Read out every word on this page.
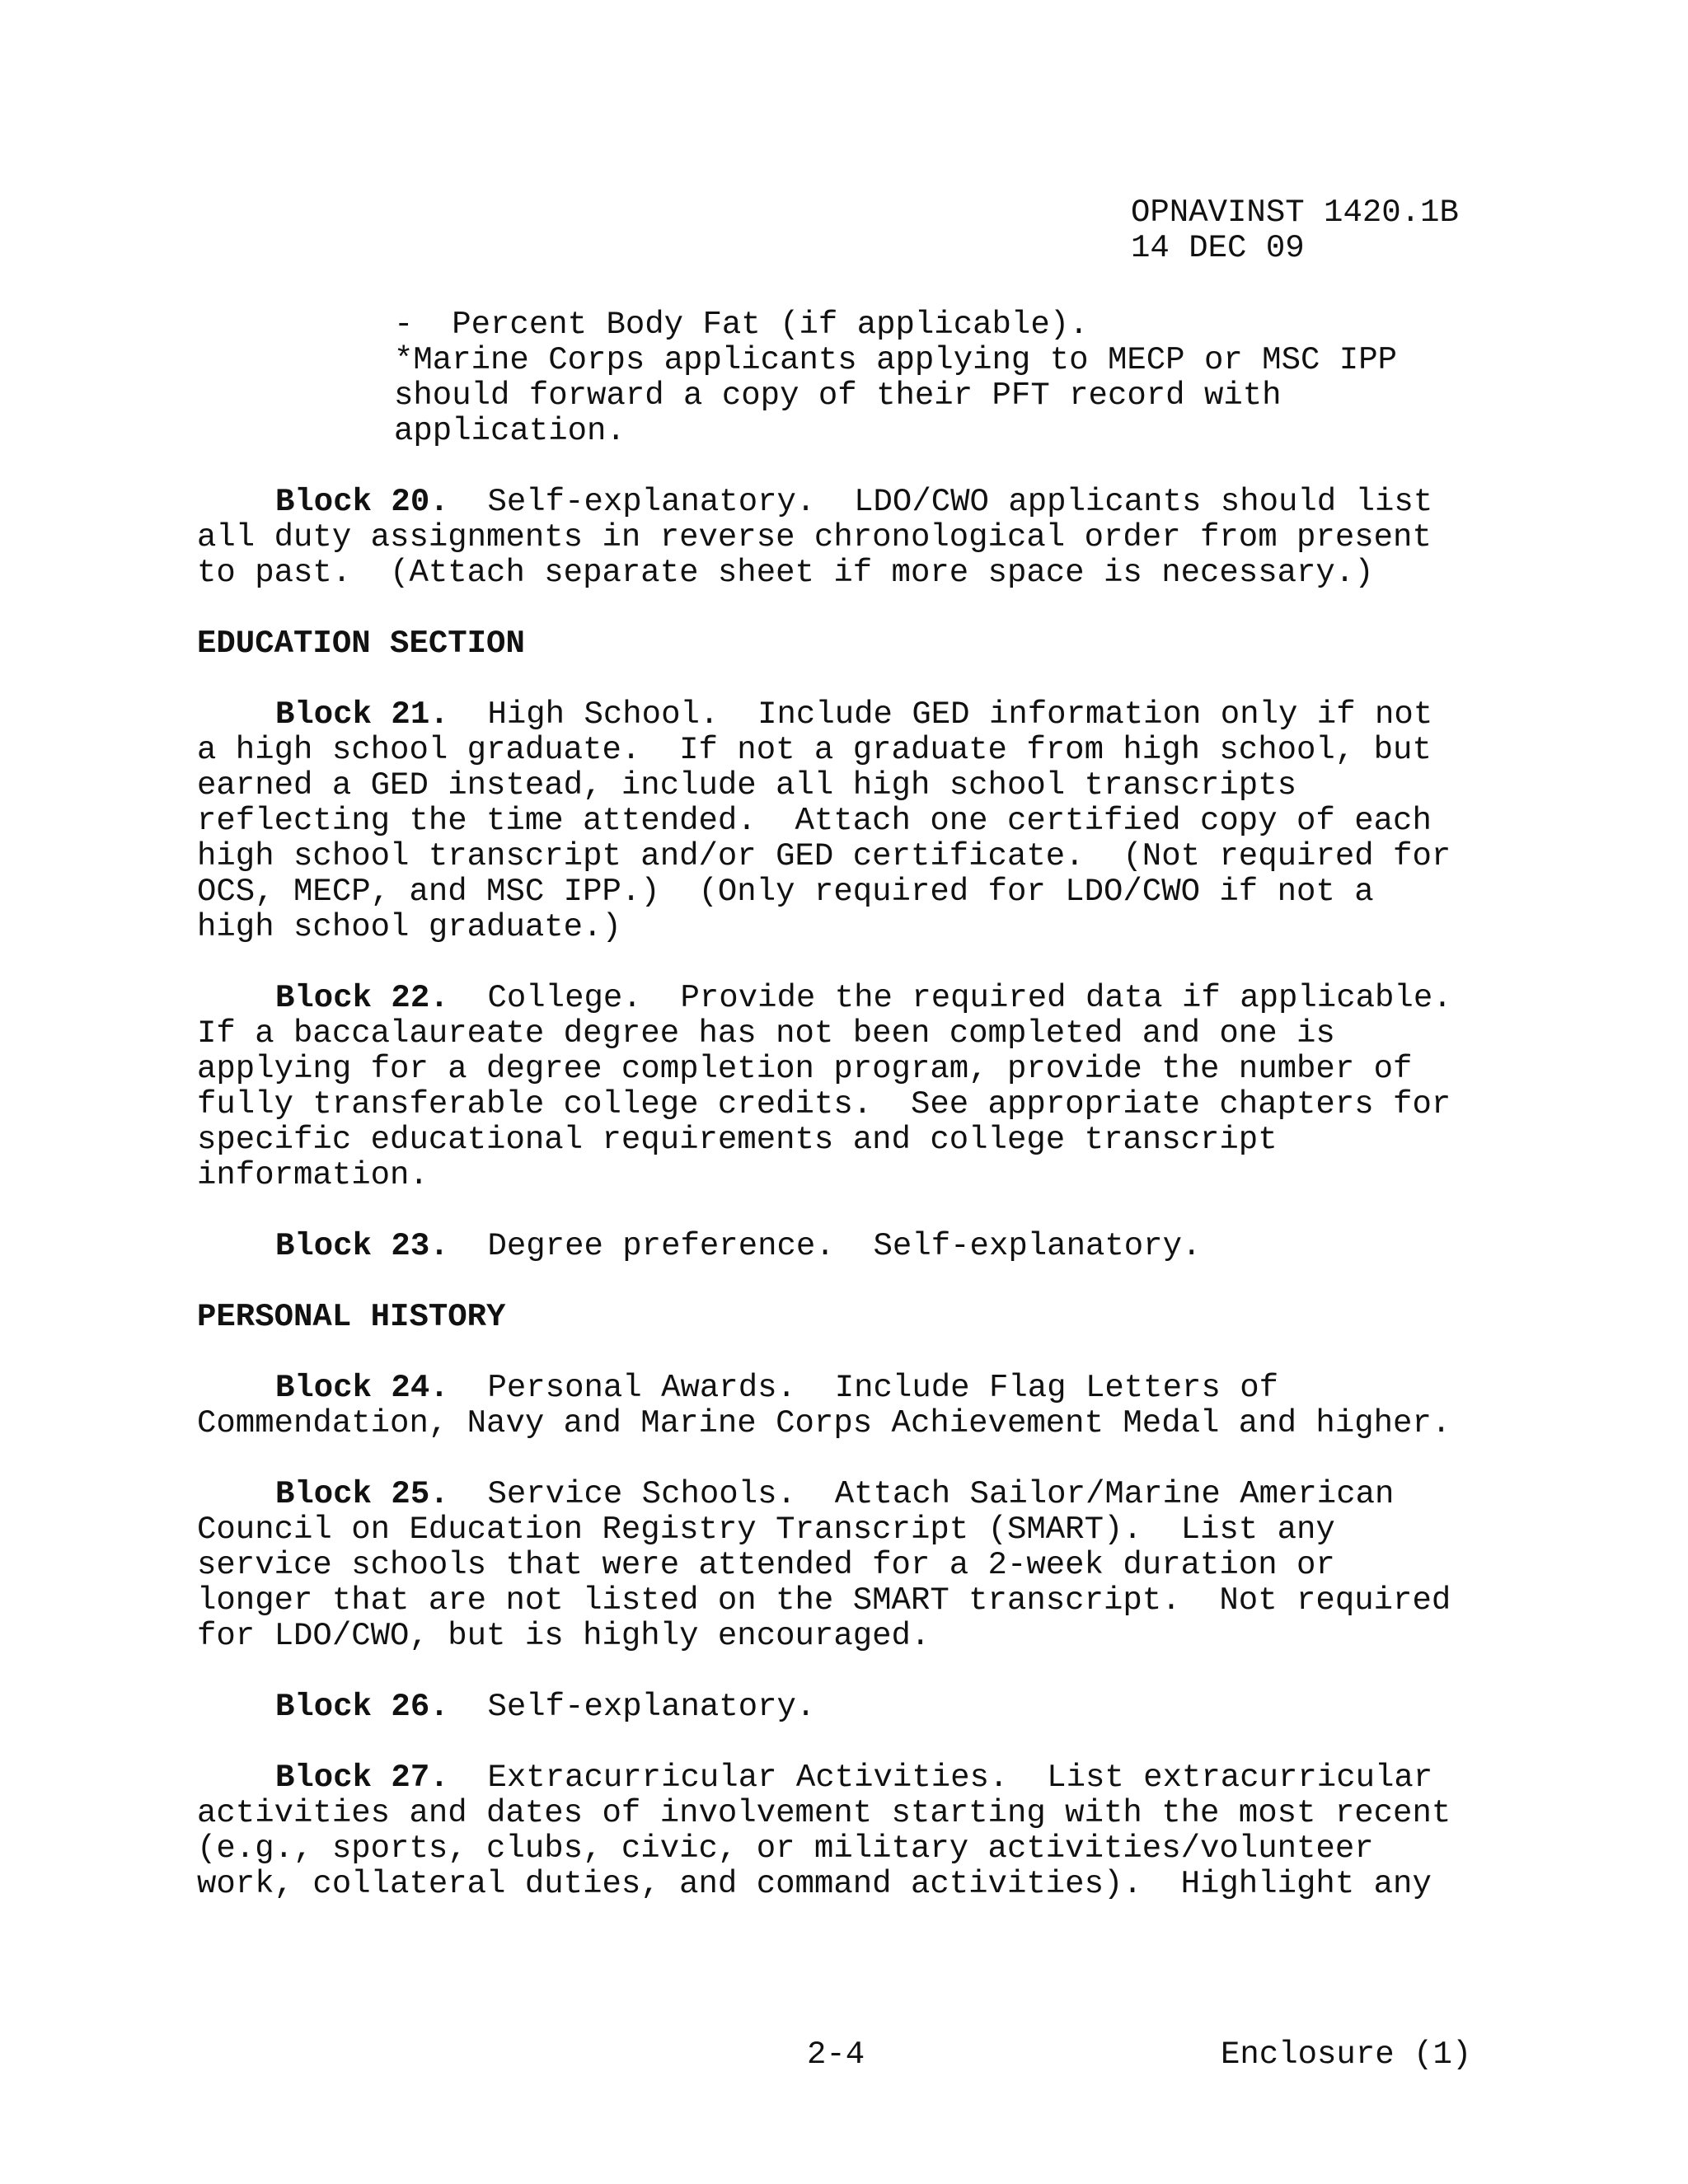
OPNAVINST 1420.1B
14 DEC 09
-  Percent Body Fat (if applicable).
*Marine Corps applicants applying to MECP or MSC IPP
should forward a copy of their PFT record with
application.
Block 20.  Self-explanatory.  LDO/CWO applicants should list
all duty assignments in reverse chronological order from present
to past.  (Attach separate sheet if more space is necessary.)
EDUCATION SECTION
Block 21.  High School.  Include GED information only if not
a high school graduate.  If not a graduate from high school, but
earned a GED instead, include all high school transcripts
reflecting the time attended.  Attach one certified copy of each
high school transcript and/or GED certificate.  (Not required for
OCS, MECP, and MSC IPP.)  (Only required for LDO/CWO if not a
high school graduate.)
Block 22.  College.  Provide the required data if applicable.
If a baccalaureate degree has not been completed and one is
applying for a degree completion program, provide the number of
fully transferable college credits.  See appropriate chapters for
specific educational requirements and college transcript
information.
Block 23.  Degree preference.  Self-explanatory.
PERSONAL HISTORY
Block 24.  Personal Awards.  Include Flag Letters of
Commendation, Navy and Marine Corps Achievement Medal and higher.
Block 25.  Service Schools.  Attach Sailor/Marine American
Council on Education Registry Transcript (SMART).  List any
service schools that were attended for a 2-week duration or
longer that are not listed on the SMART transcript.  Not required
for LDO/CWO, but is highly encouraged.
Block 26.  Self-explanatory.
Block 27.  Extracurricular Activities.  List extracurricular
activities and dates of involvement starting with the most recent
(e.g., sports, clubs, civic, or military activities/volunteer
work, collateral duties, and command activities).  Highlight any
2-4	Enclosure (1)
